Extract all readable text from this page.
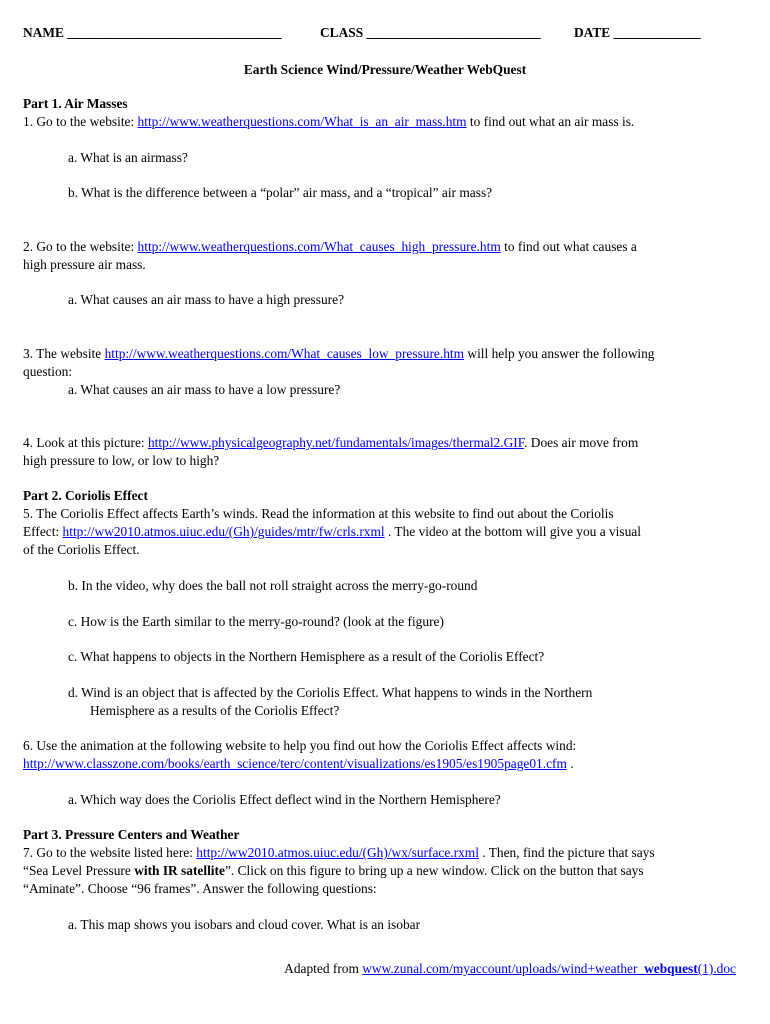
NAME ________________________________	CLASS __________________________ DATE _____________
Earth Science Wind/Pressure/Weather WebQuest
Part 1. Air Masses
1. Go to the website: http://www.weatherquestions.com/What_is_an_air_mass.htm to find out what an air mass is.
a. What is an airmass?
b. What is the difference between a “polar” air mass, and a “tropical” air mass?
2. Go to the website: http://www.weatherquestions.com/What_causes_high_pressure.htm to find out what causes a
high pressure air mass.
a. What causes an air mass to have a high pressure?
3. The website http://www.weatherquestions.com/What_causes_low_pressure.htm will help you answer the following
question:
a. What causes an air mass to have a low pressure?
4. Look at this picture: http://www.physicalgeography.net/fundamentals/images/thermal2.GIF. Does air move from
high pressure to low, or low to high?
Part 2. Coriolis Effect
5. The Coriolis Effect affects Earth’s winds. Read the information at this website to find out about the Coriolis
Effect: http://ww2010.atmos.uiuc.edu/(Gh)/guides/mtr/fw/crls.rxml . The video at the bottom will give you a visual
of the Coriolis Effect.
b. In the video, why does the ball not roll straight across the merry-go-round
c. How is the Earth similar to the merry-go-round? (look at the figure)
c. What happens to objects in the Northern Hemisphere as a result of the Coriolis Effect?
d. Wind is an object that is affected by the Coriolis Effect. What happens to winds in the Northern
Hemisphere as a results of the Coriolis Effect?
6. Use the animation at the following website to help you find out how the Coriolis Effect affects wind:
http://www.classzone.com/books/earth_science/terc/content/visualizations/es1905/es1905page01.cfm .
a. Which way does the Coriolis Effect deflect wind in the Northern Hemisphere?
Part 3. Pressure Centers and Weather
7. Go to the website listed here: http://ww2010.atmos.uiuc.edu/(Gh)/wx/surface.rxml . Then, find the picture that says
“Sea Level Pressure with IR satellite”. Click on this figure to bring up a new window. Click on the button that says
“Aminate”. Choose “96 frames”. Answer the following questions:
a. This map shows you isobars and cloud cover. What is an isobar
Adapted from www.zunal.com/myaccount/uploads/wind+weather_webquest(1).doc
